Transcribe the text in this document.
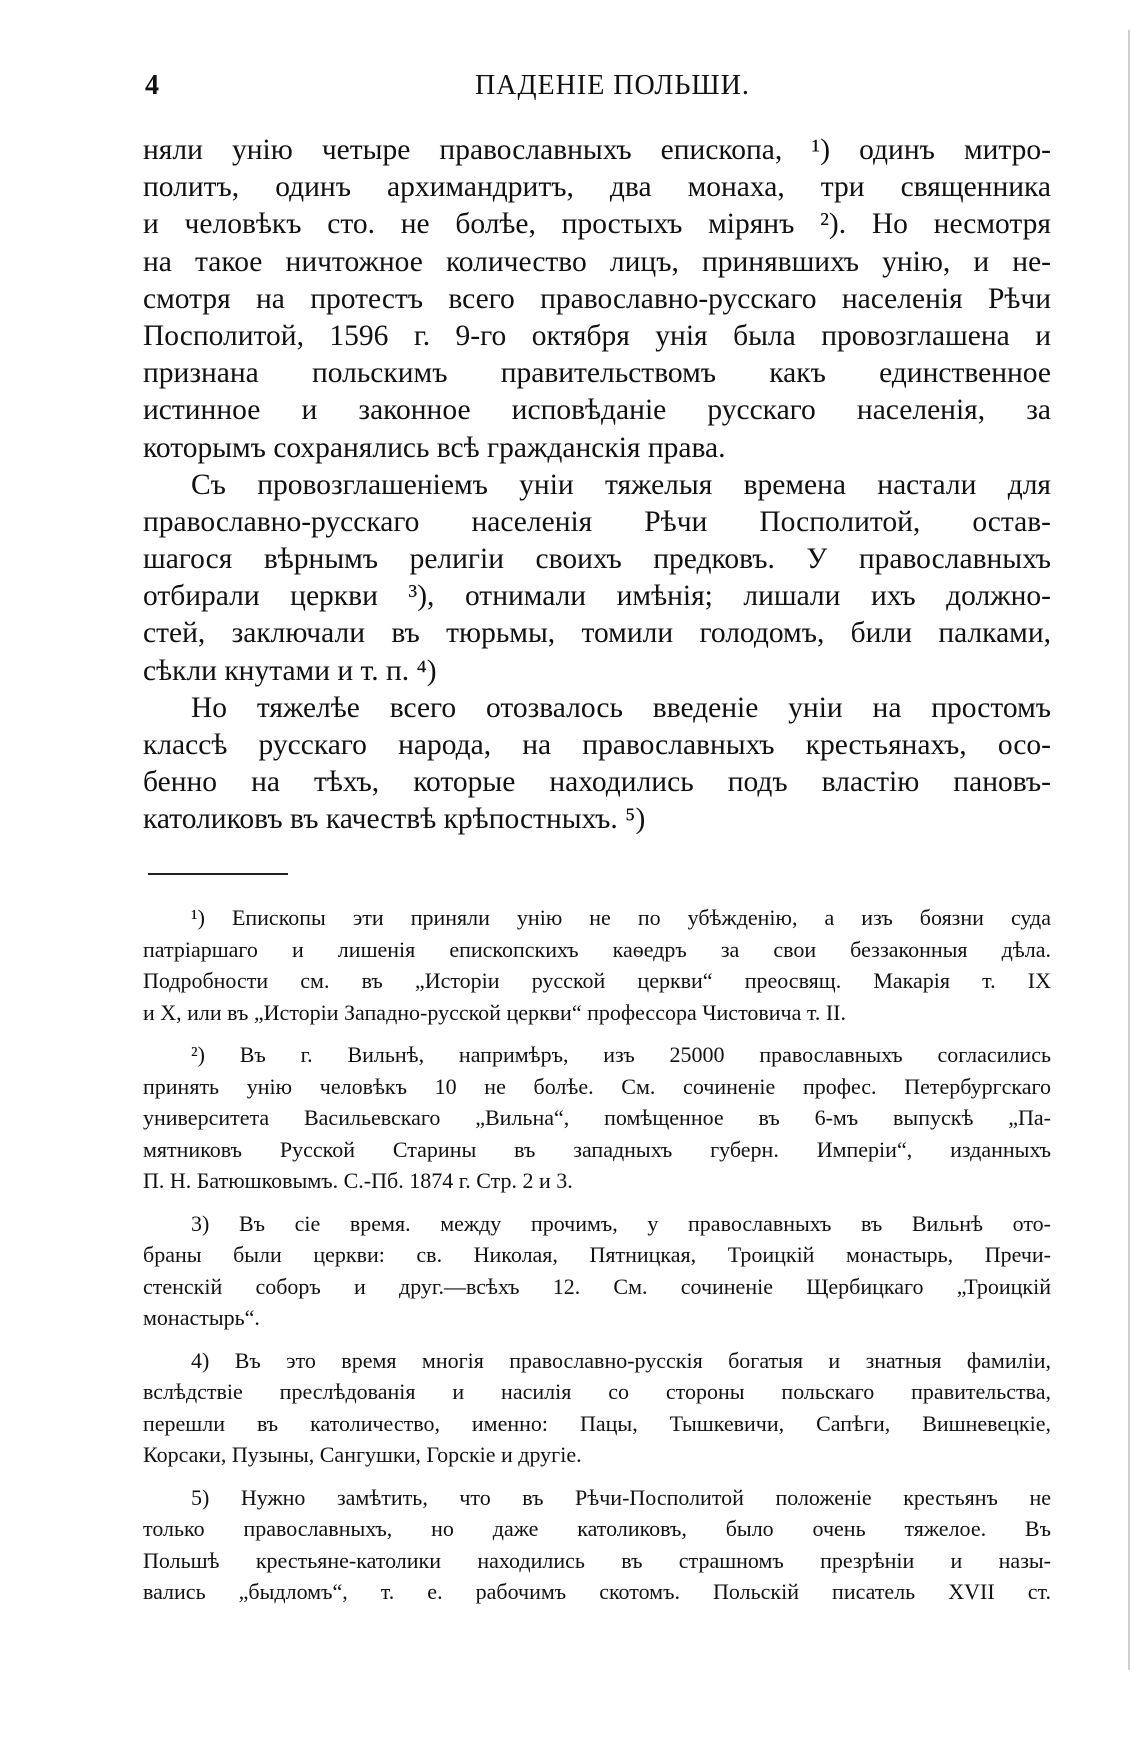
4	ПАДЕНІЕ ПОЛЬШИ.
няли унію четыре православныхъ епископа, ¹) одинъ митро-
политъ, одинъ архимандритъ, два монаха, три священника
и человѣкъ сто. не болѣе, простыхъ мірянъ ²). Но несмотря
на такое ничтожное количество лицъ, принявшихъ унію, и не-
смотря на протестъ всего православно-русскаго населенія Рѣчи
Посполитой, 1596 г. 9-го октября унія была провозглашена и
признана польскимъ правительствомъ какъ единственное
истинное и законное исповѣданіе русскаго населенія, за
которымъ сохранялись всѣ гражданскія права.
Съ провозглашеніемъ уніи тяжелыя времена настали для
православно-русскаго населенія Рѣчи Посполитой, остав-
шагося вѣрнымъ религіи своихъ предковъ. У православныхъ
отбирали церкви ³), отнимали имѣнія; лишали ихъ должно-
стей, заключали въ тюрьмы, томили голодомъ, били палками,
сѣкли кнутами и т. п. ⁴)
Но тяжелѣе всего отозвалось введеніе уніи на простомъ
классѣ русскаго народа, на православныхъ крестьянахъ, осо-
бенно на тѣхъ, которые находились подъ властію пановъ-
католиковъ въ качествѣ крѣпостныхъ. ⁵)
¹) Епископы эти приняли унію не по убѣжденію, а изъ боязни суда
патріаршаго и лишенія епископскихъ каѳедръ за свои беззаконныя дѣла.
Подробности см. въ „Исторіи русской церкви“ преосвящ. Макарія т. IX
и X, или въ „Исторіи Западно-русской церкви“ профессора Чистовича т. II.
²) Въ г. Вильнѣ, напримѣръ, изъ 25000 православныхъ согласились
принять унію человѣкъ 10 не болѣе. См. сочиненіе профес. Петербургскаго
университета Васильевскаго „Вильна“, помѣщенное въ 6-мъ выпускѣ „Па-
мятниковъ Русской Старины въ западныхъ губерн. Имперіи“, изданныхъ
П. Н. Батюшковымъ. С.-Пб. 1874 г. Стр. 2 и 3.
3) Въ сіе время. между прочимъ, у православныхъ въ Вильнѣ ото-
браны были церкви: св. Николая, Пятницкая, Троицкій монастырь, Пречи-
стенскій соборъ и друг.—всѣхъ 12. См. сочиненіе Щербицкаго „Троицкій
монастырь“.
4) Въ это время многія православно-русскія богатыя и знатныя фамиліи,
вслѣдствіе преслѣдованія и насилія со стороны польскаго правительства,
перешли въ католичество, именно: Пацы, Тышкевичи, Сапѣги, Вишневецкіе,
Корсаки, Пузыны, Сангушки, Горскіе и другіе.
5) Нужно замѣтить, что въ Рѣчи-Посполитой положеніе крестьянъ не
только православныхъ, но даже католиковъ, было очень тяжелое. Въ
Польшѣ крестьяне-католики находились въ страшномъ презрѣніи и назы-
вались „быдломъ“, т. е. рабочимъ скотомъ. Польскій писатель XVII ст.
